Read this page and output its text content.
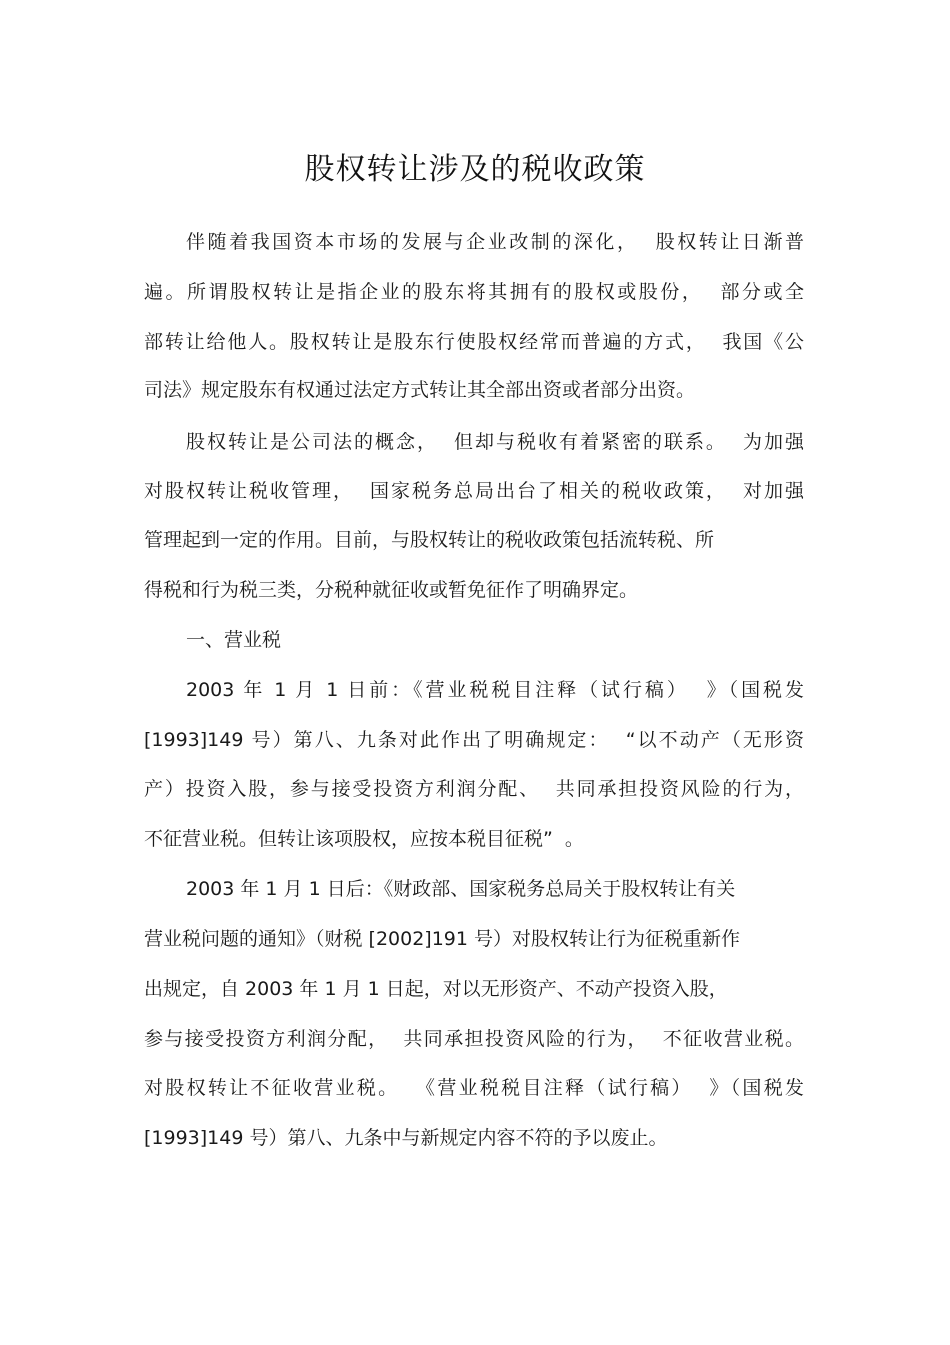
股权转让涉及的税收政策
伴随着我国资本市场的发展与企业改制的深化，  股权转让日渐普
遍。所谓股权转让是指企业的股东将其拥有的股权或股份，  部分或全
部转让给他人。股权转让是股东行使股权经常而普遍的方式，  我国《公
司法》规定股东有权通过法定方式转让其全部出资或者部分出资。
股权转让是公司法的概念，  但却与税收有着紧密的联系。  为加强
对股权转让税收管理，  国家税务总局出台了相关的税收政策，  对加强
管理起到一定的作用。目前，与股权转让的税收政策包括流转税、所
得税和行为税三类，分税种就征收或暂免征作了明确界定。
一、营业税
2003 年 1 月 1 日前：《营业税税目注释（试行稿）  》（国税发
[1993]149 号）第八、九条对此作出了明确规定：  “以不动产（无形资
产）投资入股，参与接受投资方利润分配、  共同承担投资风险的行为，
不征营业税。但转让该项股权，应按本税目征税”  。
2003 年 1 月 1 日后：《财政部、国家税务总局关于股权转让有关
营业税问题的通知》（财税 [2002]191 号）对股权转让行为征税重新作
出规定，自 2003 年 1 月 1 日起，对以无形资产、不动产投资入股，
参与接受投资方利润分配，  共同承担投资风险的行为，  不征收营业税。
对股权转让不征收营业税。  《营业税税目注释（试行稿）  》（国税发
[1993]149 号）第八、九条中与新规定内容不符的予以废止。
